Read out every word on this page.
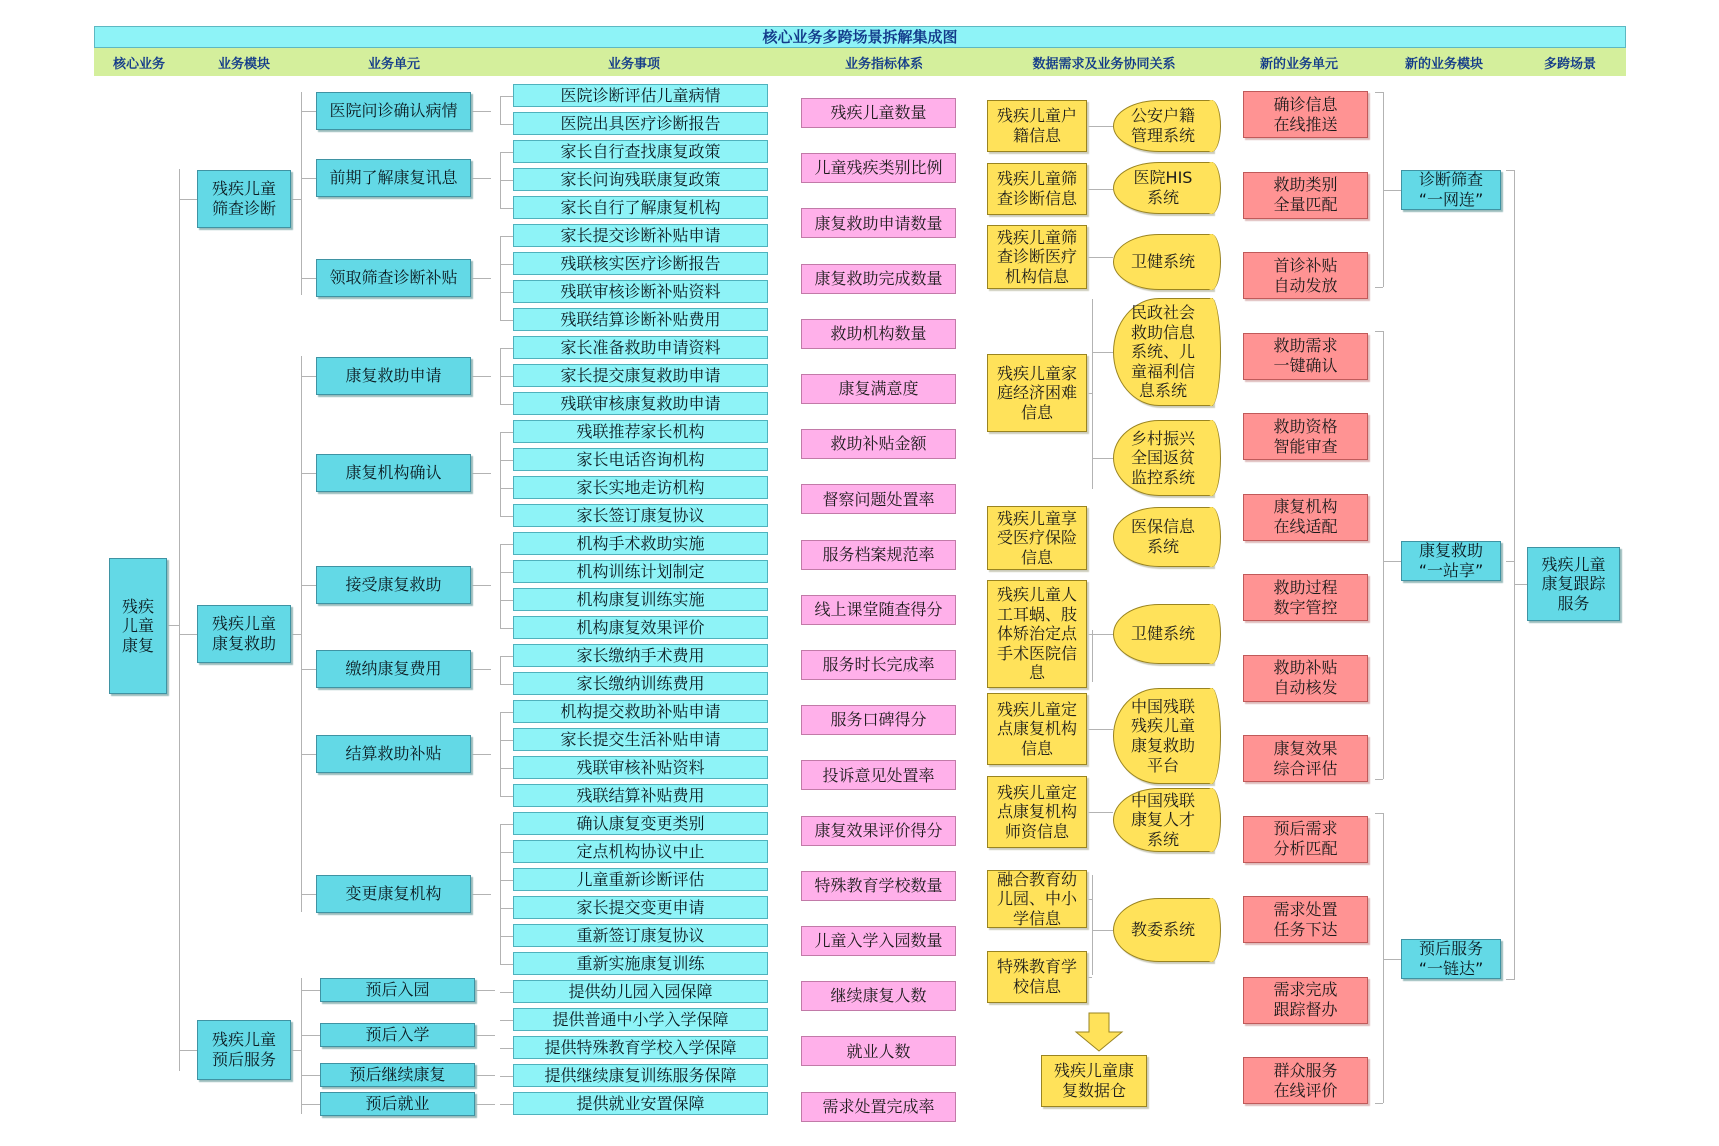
核心业务多跨场景拆解集成图
核心业务	业务模块	业务单元	业务事项	业务指标体系	数据需求及业务协同关系	新的业务单元	新的业务模块	多跨场景
残疾
儿童
康复
残疾儿童
筛查诊断
残疾儿童
康复救助
残疾儿童
预后服务
医院问诊确认病情
前期了解康复讯息
领取筛查诊断补贴
康复救助申请
康复机构确认
接受康复救助
缴纳康复费用
结算救助补贴
变更康复机构
预后入园
预后入学
预后继续康复
预后就业
医院诊断评估儿童病情
医院出具医疗诊断报告
家长自行查找康复政策
家长问询残联康复政策
家长自行了解康复机构
家长提交诊断补贴申请
残联核实医疗诊断报告
残联审核诊断补贴资料
残联结算诊断补贴费用
家长准备救助申请资料
家长提交康复救助申请
残联审核康复救助申请
残联推荐家长机构
家长电话咨询机构
家长实地走访机构
家长签订康复协议
机构手术救助实施
机构训练计划制定
机构康复训练实施
机构康复效果评价
家长缴纳手术费用
家长缴纳训练费用
机构提交救助补贴申请
家长提交生活补贴申请
残联审核补贴资料
残联结算补贴费用
确认康复变更类别
定点机构协议中止
儿童重新诊断评估
家长提交变更申请
重新签订康复协议
重新实施康复训练
提供幼儿园入园保障
提供普通中小学入学保障
提供特殊教育学校入学保障
提供继续康复训练服务保障
提供就业安置保障
残疾儿童数量
儿童残疾类别比例
康复救助申请数量
康复救助完成数量
救助机构数量
康复满意度
救助补贴金额
督察问题处置率
服务档案规范率
线上课堂随查得分
服务时长完成率
服务口碑得分
投诉意见处置率
康复效果评价得分
特殊教育学校数量
儿童入学入园数量
继续康复人数
就业人数
需求处置完成率
残疾儿童户
籍信息
残疾儿童筛
查诊断信息
残疾儿童筛
查诊断医疗
机构信息
残疾儿童家
庭经济困难
信息
残疾儿童享
受医疗保险
信息
残疾儿童人
工耳蜗、肢
体矫治定点
手术医院信
息
残疾儿童定
点康复机构
信息
残疾儿童定
点康复机构
师资信息
融合教育幼
儿园、中小
学信息
特殊教育学
校信息
公安户籍
管理系统
医院HIS
系统
卫健系统
民政社会
救助信息
系统、儿
童福利信
息系统
乡村振兴
全国返贫
监控系统
医保信息
系统
卫健系统
中国残联
残疾儿童
康复救助
平台
中国残联
康复人才
系统
教委系统
残疾儿童康
复数据仓
确诊信息
在线推送
救助类别
全量匹配
首诊补贴
自动发放
救助需求
一键确认
救助资格
智能审查
康复机构
在线适配
救助过程
数字管控
救助补贴
自动核发
康复效果
综合评估
预后需求
分析匹配
需求处置
任务下达
需求完成
跟踪督办
群众服务
在线评价
诊断筛查
“一网连”
康复救助
“一站享”
预后服务
“一链达”
残疾儿童
康复跟踪
服务
